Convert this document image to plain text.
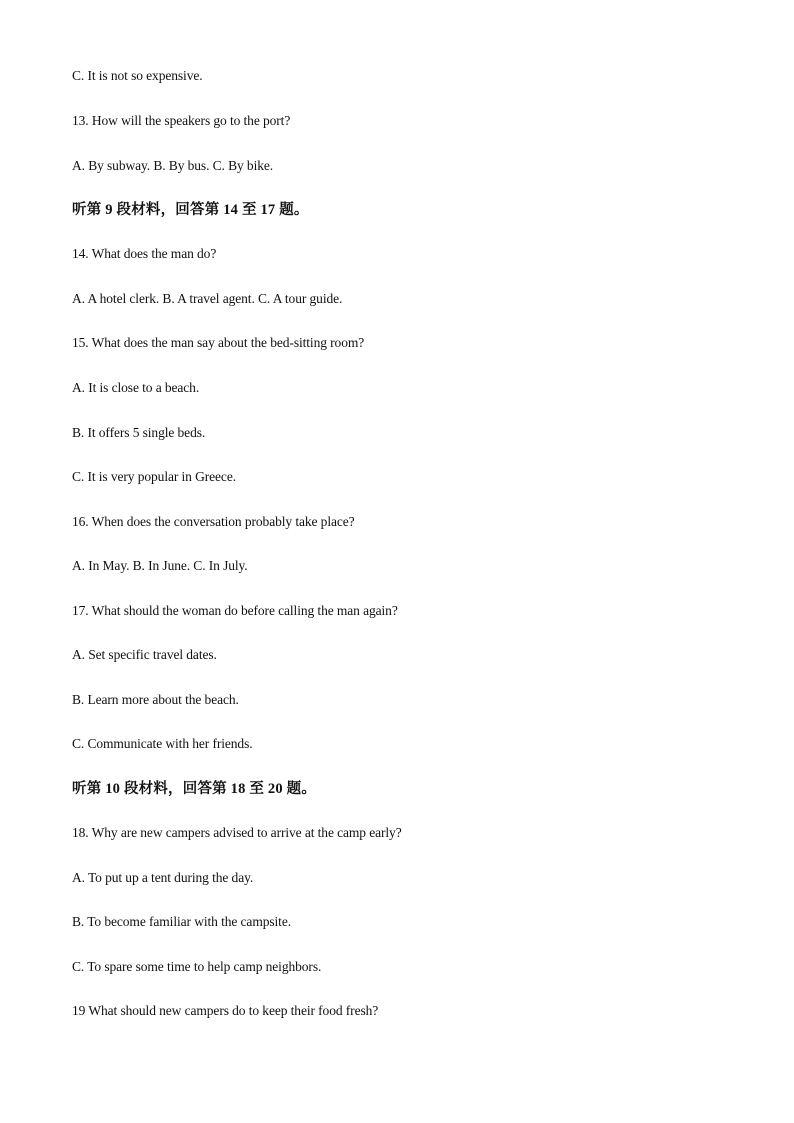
C. It is not so expensive.
13. How will the speakers go to the port?
A. By subway. B. By bus. C. By bike.
听第 9 段材料，回答第 14 至 17 题。
14. What does the man do?
A. A hotel clerk. B. A travel agent. C. A tour guide.
15. What does the man say about the bed-sitting room?
A. It is close to a beach.
B. It offers 5 single beds.
C. It is very popular in Greece.
16. When does the conversation probably take place?
A. In May. B. In June. C. In July.
17. What should the woman do before calling the man again?
A. Set specific travel dates.
B. Learn more about the beach.
C. Communicate with her friends.
听第 10 段材料，回答第 18 至 20 题。
18. Why are new campers advised to arrive at the camp early?
A. To put up a tent during the day.
B. To become familiar with the campsite.
C. To spare some time to help camp neighbors.
19 What should new campers do to keep their food fresh?
